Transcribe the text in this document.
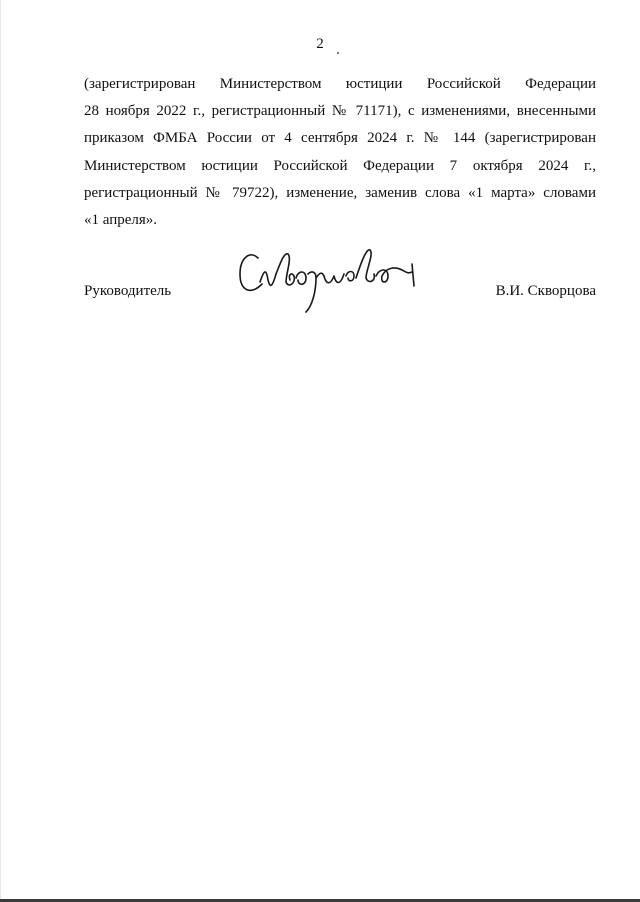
2
(зарегистрирован Министерством юстиции Российской Федерации
28 ноября 2022 г., регистрационный № 71171), с изменениями, внесенными
приказом ФМБА России от 4 сентября 2024 г. № 144 (зарегистрирован
Министерством юстиции Российской Федерации 7 октября 2024 г.,
регистрационный № 79722), изменение, заменив слова «1 марта» словами
«1 апреля».
Руководитель	В.И. Скворцова
